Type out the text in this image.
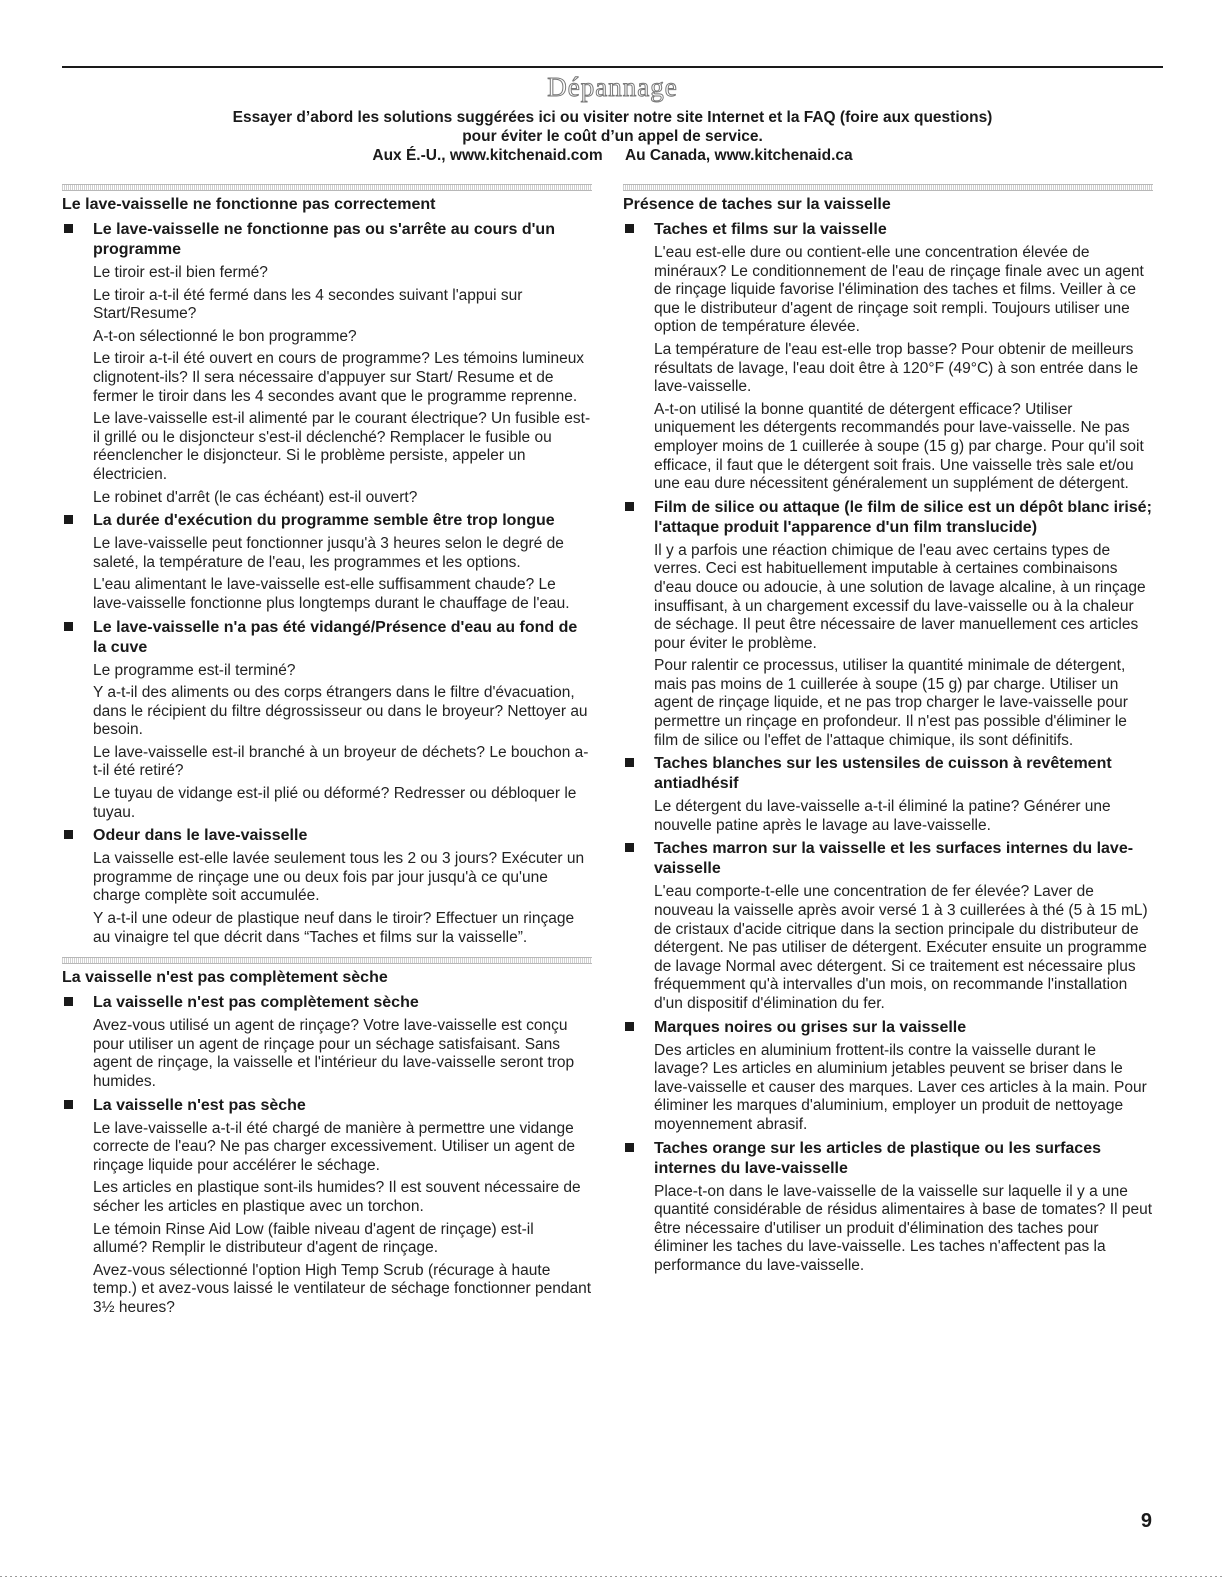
Dépannage
Essayer d’abord les solutions suggérées ici ou visiter notre site Internet et la FAQ (foire aux questions)
pour éviter le coût d’un appel de service.
Aux É.-U., www.kitchenaid.com Au Canada, www.kitchenaid.ca
Le lave-vaisselle ne fonctionne pas correctement
Le lave-vaisselle ne fonctionne pas ou s'arrête au cours d'un programme

Le tiroir est-il bien fermé?

Le tiroir a-t-il été fermé dans les 4 secondes suivant l'appui sur Start/Resume?

A-t-on sélectionné le bon programme?

Le tiroir a-t-il été ouvert en cours de programme? Les témoins lumineux clignotent-ils? Il sera nécessaire d'appuyer sur Start/ Resume et de fermer le tiroir dans les 4 secondes avant que le programme reprenne.

Le lave-vaisselle est-il alimenté par le courant électrique? Un fusible est-il grillé ou le disjoncteur s'est-il déclenché? Remplacer le fusible ou réenclencher le disjoncteur. Si le problème persiste, appeler un électricien.

Le robinet d'arrêt (le cas échéant) est-il ouvert?

La durée d'exécution du programme semble être trop longue

Le lave-vaisselle peut fonctionner jusqu'à 3 heures selon le degré de saleté, la température de l'eau, les programmes et les options.

L'eau alimentant le lave-vaisselle est-elle suffisamment chaude? Le lave-vaisselle fonctionne plus longtemps durant le chauffage de l'eau.

Le lave-vaisselle n'a pas été vidangé/Présence d'eau au fond de la cuve

Le programme est-il terminé?

Y a-t-il des aliments ou des corps étrangers dans le filtre d'évacuation, dans le récipient du filtre dégrossisseur ou dans le broyeur? Nettoyer au besoin.

Le lave-vaisselle est-il branché à un broyeur de déchets? Le bouchon a-t-il été retiré?

Le tuyau de vidange est-il plié ou déformé? Redresser ou débloquer le tuyau.

Odeur dans le lave-vaisselle

La vaisselle est-elle lavée seulement tous les 2 ou 3 jours? Exécuter un programme de rinçage une ou deux fois par jour jusqu'à ce qu'une charge complète soit accumulée.

Y a-t-il une odeur de plastique neuf dans le tiroir? Effectuer un rinçage au vinaigre tel que décrit dans “Taches et films sur la vaisselle”.

La vaisselle n'est pas complètement sèche
La vaisselle n'est pas complètement sèche

Avez-vous utilisé un agent de rinçage? Votre lave-vaisselle est conçu pour utiliser un agent de rinçage pour un séchage satisfaisant. Sans agent de rinçage, la vaisselle et l'intérieur du lave-vaisselle seront trop humides.

La vaisselle n'est pas sèche

Le lave-vaisselle a-t-il été chargé de manière à permettre une vidange correcte de l'eau? Ne pas charger excessivement. Utiliser un agent de rinçage liquide pour accélérer le séchage.

Les articles en plastique sont-ils humides? Il est souvent nécessaire de sécher les articles en plastique avec un torchon.

Le témoin Rinse Aid Low (faible niveau d'agent de rinçage) est-il allumé? Remplir le distributeur d'agent de rinçage.

Avez-vous sélectionné l'option High Temp Scrub (récurage à haute temp.) et avez-vous laissé le ventilateur de séchage fonctionner pendant 3½ heures?

Présence de taches sur la vaisselle
Taches et films sur la vaisselle

L'eau est-elle dure ou contient-elle une concentration élevée de minéraux? Le conditionnement de l'eau de rinçage finale avec un agent de rinçage liquide favorise l'élimination des taches et films. Veiller à ce que le distributeur d'agent de rinçage soit rempli. Toujours utiliser une option de température élevée.

La température de l'eau est-elle trop basse? Pour obtenir de meilleurs résultats de lavage, l'eau doit être à 120°F (49°C) à son entrée dans le lave-vaisselle.

A-t-on utilisé la bonne quantité de détergent efficace? Utiliser uniquement les détergents recommandés pour lave-vaisselle. Ne pas employer moins de 1 cuillerée à soupe (15 g) par charge. Pour qu'il soit efficace, il faut que le détergent soit frais. Une vaisselle très sale et/ou une eau dure nécessitent généralement un supplément de détergent.

Film de silice ou attaque (le film de silice est un dépôt blanc irisé; l'attaque produit l'apparence d'un film translucide)

Il y a parfois une réaction chimique de l'eau avec certains types de verres. Ceci est habituellement imputable à certaines combinaisons d'eau douce ou adoucie, à une solution de lavage alcaline, à un rinçage insuffisant, à un chargement excessif du lave-vaisselle ou à la chaleur de séchage. Il peut être nécessaire de laver manuellement ces articles pour éviter le problème.

Pour ralentir ce processus, utiliser la quantité minimale de détergent, mais pas moins de 1 cuillerée à soupe (15 g) par charge. Utiliser un agent de rinçage liquide, et ne pas trop charger le lave-vaisselle pour permettre un rinçage en profondeur. Il n'est pas possible d'éliminer le film de silice ou l'effet de l'attaque chimique, ils sont définitifs.

Taches blanches sur les ustensiles de cuisson à revêtement antiadhésif

Le détergent du lave-vaisselle a-t-il éliminé la patine? Générer une nouvelle patine après le lavage au lave-vaisselle.

Taches marron sur la vaisselle et les surfaces internes du lave-vaisselle

L'eau comporte-t-elle une concentration de fer élevée? Laver de nouveau la vaisselle après avoir versé 1 à 3 cuillerées à thé (5 à 15 mL) de cristaux d'acide citrique dans la section principale du distributeur de détergent. Ne pas utiliser de détergent. Exécuter ensuite un programme de lavage Normal avec détergent. Si ce traitement est nécessaire plus fréquemment qu'à intervalles d'un mois, on recommande l'installation d'un dispositif d'élimination du fer.

Marques noires ou grises sur la vaisselle

Des articles en aluminium frottent-ils contre la vaisselle durant le lavage? Les articles en aluminium jetables peuvent se briser dans le lave-vaisselle et causer des marques. Laver ces articles à la main. Pour éliminer les marques d'aluminium, employer un produit de nettoyage moyennement abrasif.

Taches orange sur les articles de plastique ou les surfaces internes du lave-vaisselle

Place-t-on dans le lave-vaisselle de la vaisselle sur laquelle il y a une quantité considérable de résidus alimentaires à base de tomates? Il peut être nécessaire d'utiliser un produit d'élimination des taches pour éliminer les taches du lave-vaisselle. Les taches n'affectent pas la performance du lave-vaisselle.

9
